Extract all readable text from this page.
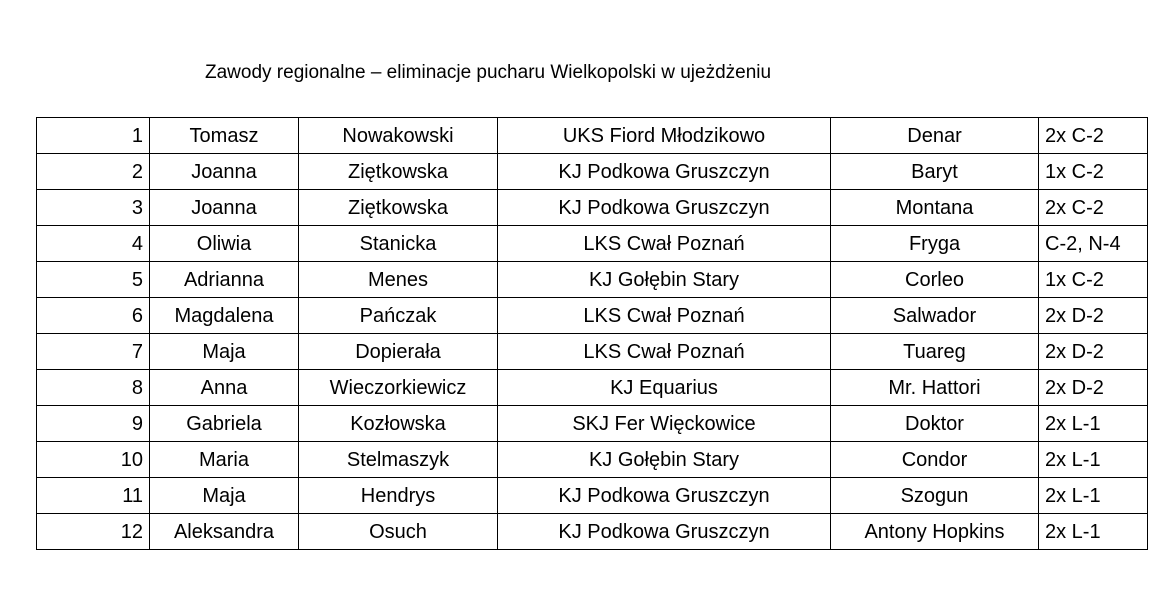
Zawody regionalne – eliminacje pucharu Wielkopolski w ujeżdżeniu
1	Tomasz	Nowakowski	UKS Fiord Młodzikowo	Denar	2x C-2
2	Joanna	Ziętkowska	KJ Podkowa Gruszczyn	Baryt	1x C-2
3	Joanna	Ziętkowska	KJ Podkowa Gruszczyn	Montana	2x C-2
4	Oliwia	Stanicka	LKS Cwał Poznań	Fryga	C-2, N-4
5	Adrianna	Menes	KJ Gołębin Stary	Corleo	1x C-2
6	Magdalena	Pańczak	LKS Cwał Poznań	Salwador	2x D-2
7	Maja	Dopierała	LKS Cwał Poznań	Tuareg	2x D-2
8	Anna	Wieczorkiewicz	KJ Equarius	Mr. Hattori	2x D-2
9	Gabriela	Kozłowska	SKJ Fer Więckowice	Doktor	2x L-1
10	Maria	Stelmaszyk	KJ Gołębin Stary	Condor	2x L-1
11	Maja	Hendrys	KJ Podkowa Gruszczyn	Szogun	2x L-1
12	Aleksandra	Osuch	KJ Podkowa Gruszczyn	Antony Hopkins	2x L-1
